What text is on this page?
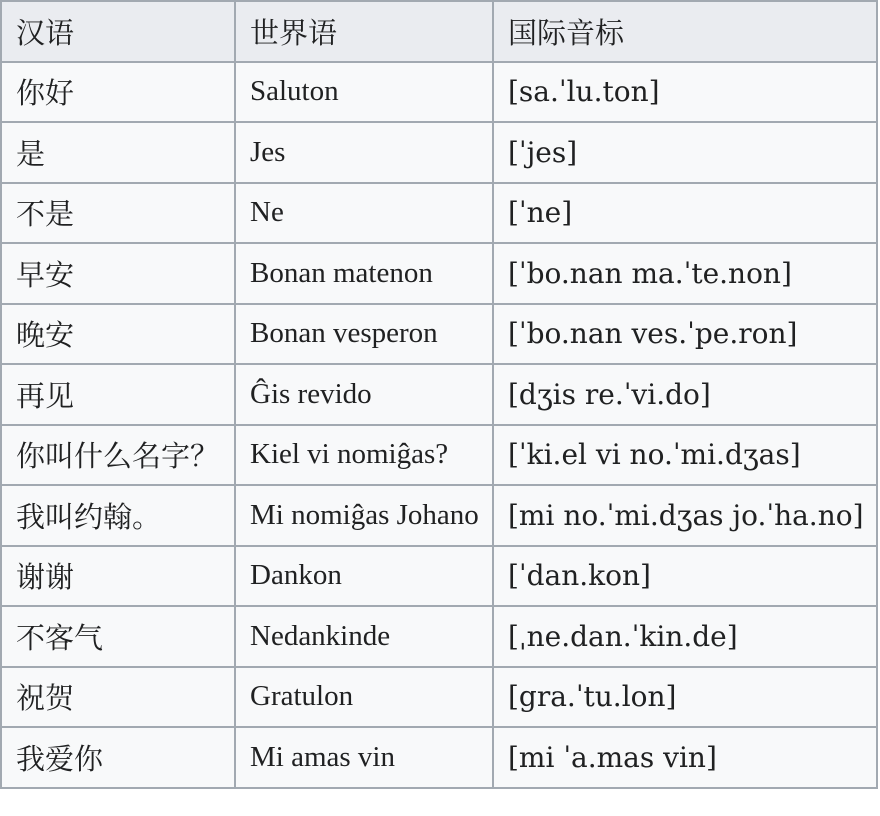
汉语	世界语	国际音标
你好	Saluton	[sa.ˈlu.ton]
是	Jes	[ˈjes]
不是	Ne	[ˈne]
早安	Bonan matenon	[ˈbo.nan ma.ˈte.non]
晚安	Bonan vesperon	[ˈbo.nan ves.ˈpe.ron]
再见	Ĝis revido	[dʒis re.ˈvi.do]
你叫什么名字？	Kiel vi nomiĝas?	[ˈki.el vi no.ˈmi.dʒas]
我叫约翰。	Mi nomiĝas Johano	[mi no.ˈmi.dʒas jo.ˈha.no]
谢谢	Dankon	[ˈdan.kon]
不客气	Nedankinde	[ˌne.dan.ˈkin.de]
祝贺	Gratulon	[gra.ˈtu.lon]
我爱你	Mi amas vin	[mi ˈa.mas vin]
